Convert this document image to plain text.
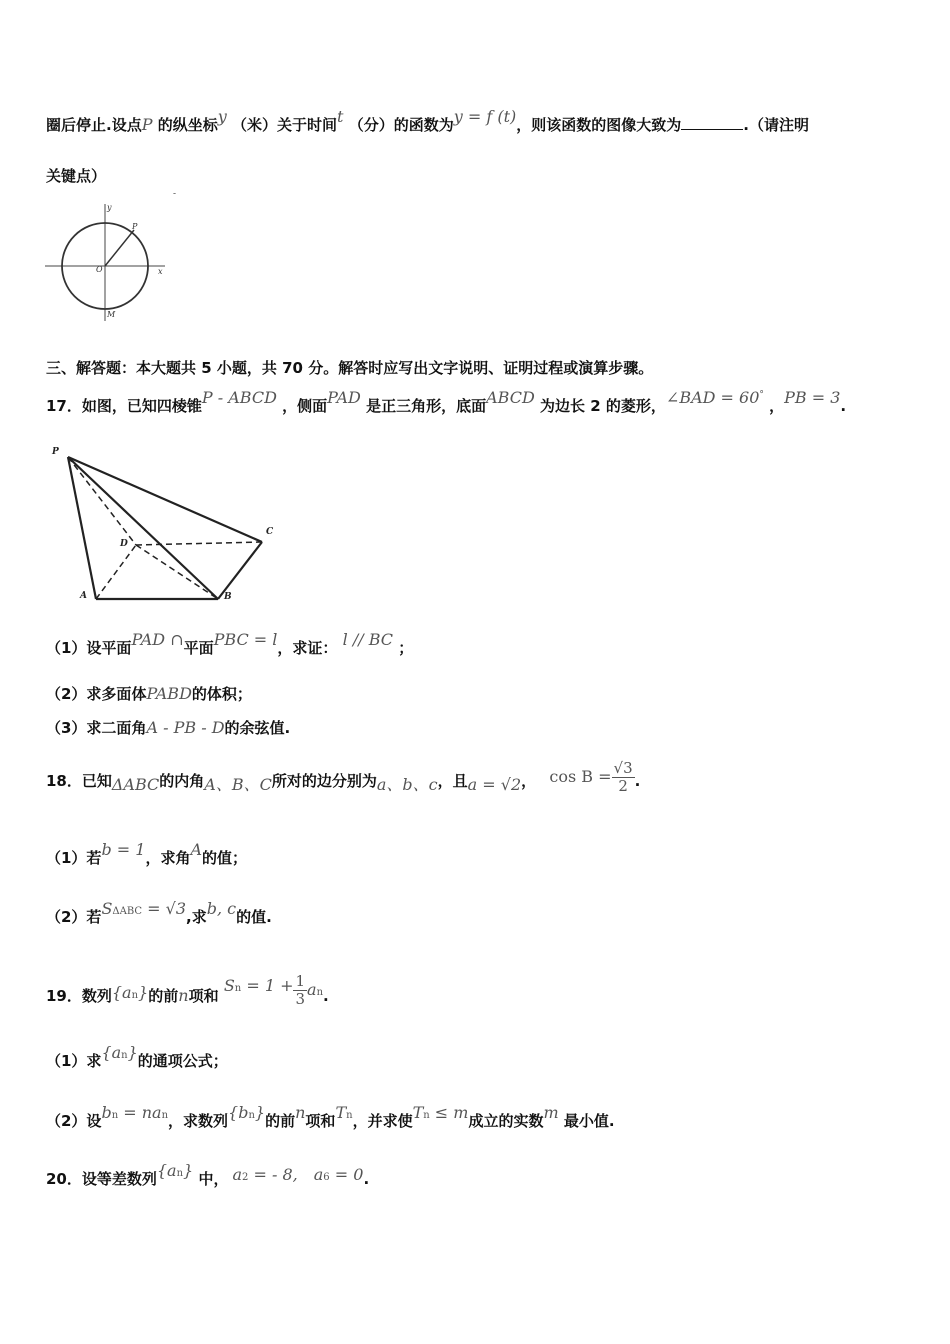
圈后停止.设点P 的纵坐标y （米）关于时间t （分）的函数为y = f (t)，则该函数的图像大致为	.（请注明
关键点）
y
P
O	x
M
-
三、解答题：本大题共 5 小题，共 70 分。解答时应写出文字说明、证明过程或演算步骤。
17．如图，已知四棱锥P - ABCD ，侧面PAD 是正三角形，底面ABCD 为边长 2 的菱形，∠BAD = 60° ，PB = 3.
P
A	B
C
D
（1）设平面PAD ∩平面PBC = l，求证： l // BC ；
（2）求多面体PABD的体积；
（3）求二面角A - PB - D的余弦值.
18．已知ΔABC的内角A、B、C所对的边分别为a、b、c，且a = √2， $\cos B = \frac{√3}{2}$ .
（1）若b = 1，求角A的值；
（2）若SΔABC = √3,求b, c的值.
19．数列{an}的前n项和 $Sn = 1 + \frac{1}{3}$ an.
（1）求{an}的通项公式；
（2）设bn = nan，求数列{bn}的前n项和Tn，并求使Tn ≤ m成立的实数m 最小值.
20．设等差数列{an} 中， a2 = - 8, a6 = 0.
